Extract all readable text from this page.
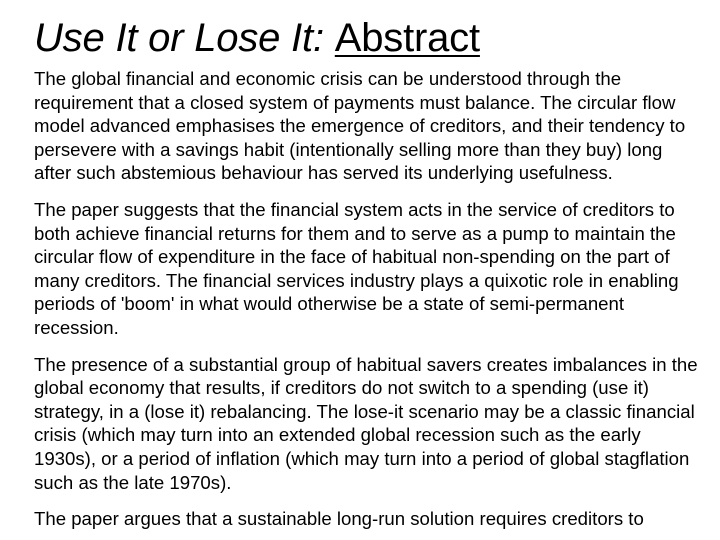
Use It or Lose It: Abstract

The global financial and economic crisis can be understood through the requirement that a closed system of payments must balance. The circular flow model advanced emphasises the emergence of creditors, and their tendency to persevere with a savings habit (intentionally selling more than they buy) long after such abstemious behaviour has served its underlying usefulness.

The paper suggests that the financial system acts in the service of creditors to both achieve financial returns for them and to serve as a pump to maintain the circular flow of expenditure in the face of habitual non-spending on the part of many creditors. The financial services industry plays a quixotic role in enabling periods of 'boom' in what would otherwise be a state of semi-permanent recession.

The presence of a substantial group of habitual savers creates imbalances in the global economy that results, if creditors do not switch to a spending (use it) strategy, in a (lose it) rebalancing. The lose-it scenario may be a classic financial crisis (which may turn into an extended global recession such as the early 1930s), or a period of inflation (which may turn into a period of global stagflation such as the late 1970s).

The paper argues that a sustainable long-run solution requires creditors to
